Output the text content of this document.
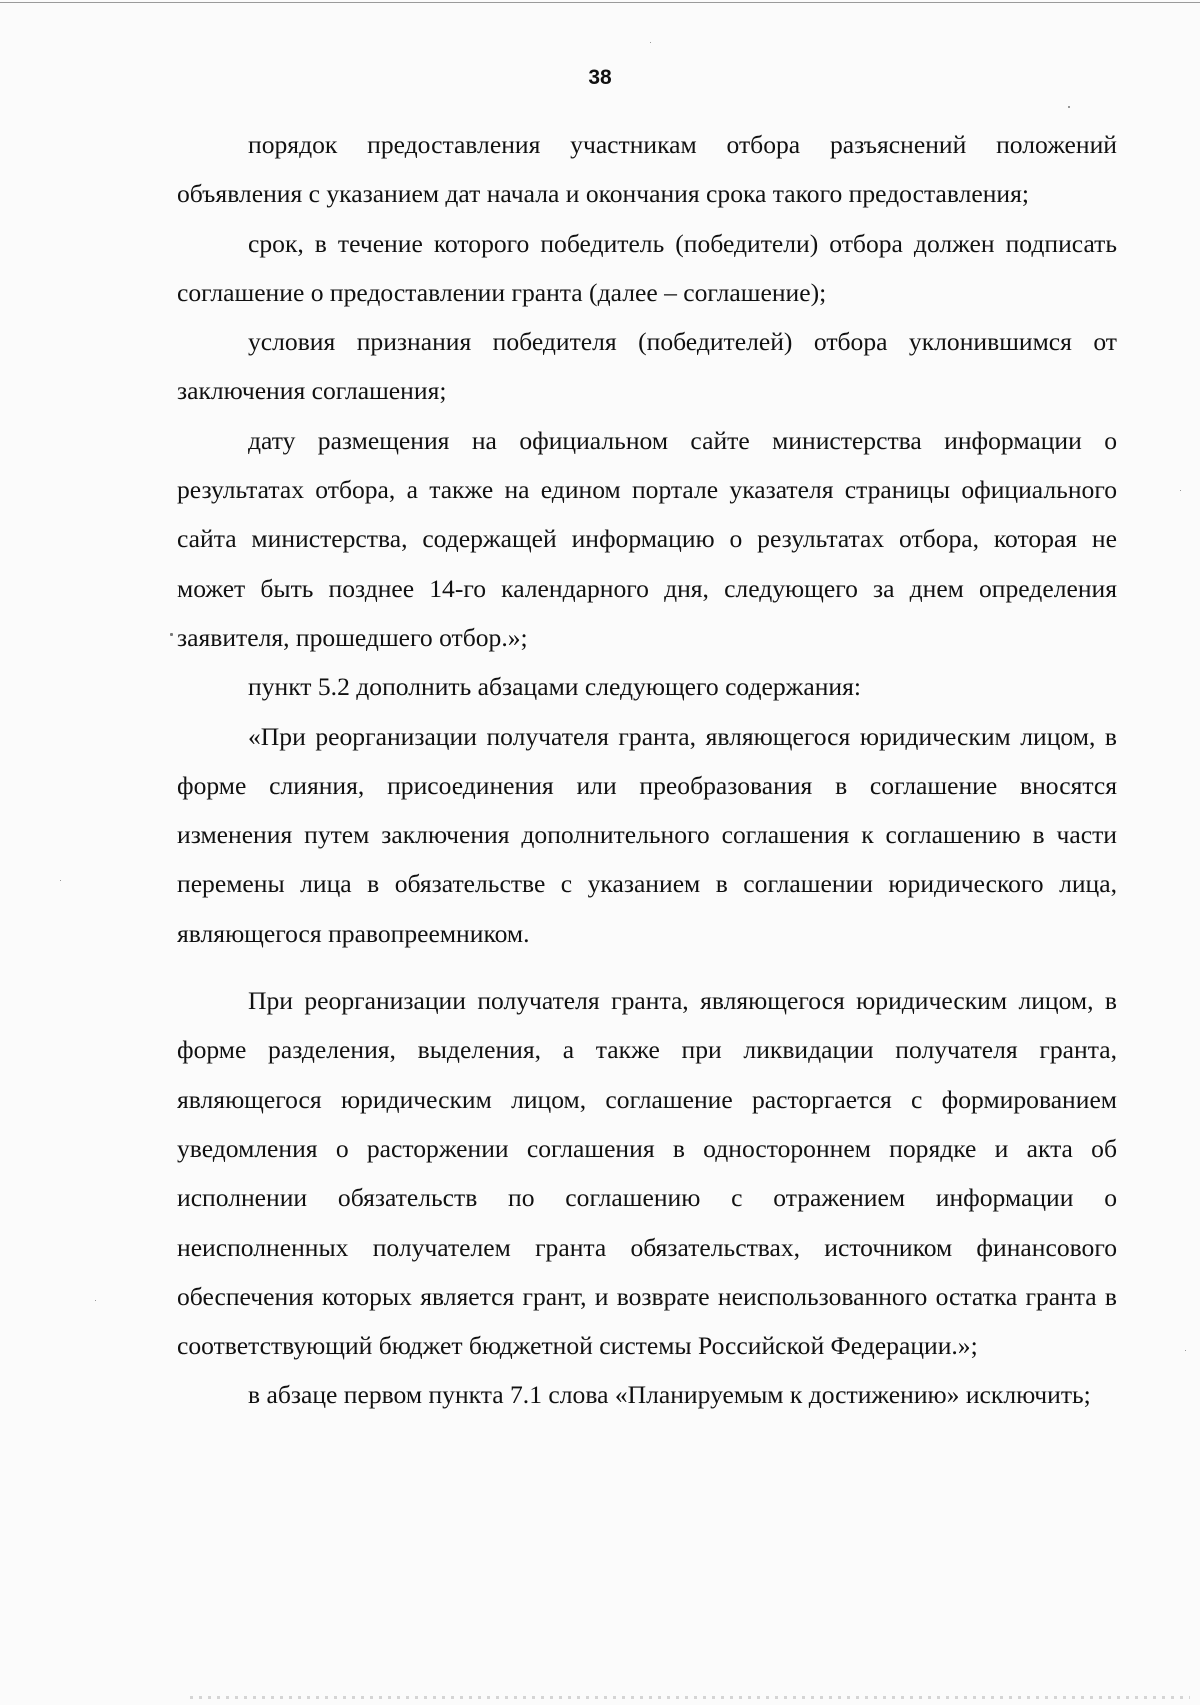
38

порядок предоставления участникам отбора разъяснений положений объявления с указанием дат начала и окончания срока такого предоставления;

срок, в течение которого победитель (победители) отбора должен подписать соглашение о предоставлении гранта (далее – соглашение);

условия признания победителя (победителей) отбора уклонившимся от заключения соглашения;

дату размещения на официальном сайте министерства информации о результатах отбора, а также на едином портале указателя страницы официального сайта министерства, содержащей информацию о результатах отбора, которая не может быть позднее 14-го календарного дня, следующего за днем определения заявителя, прошедшего отбор.»;

пункт 5.2 дополнить абзацами следующего содержания:

«При реорганизации получателя гранта, являющегося юридическим лицом, в форме слияния, присоединения или преобразования в соглашение вносятся изменения путем заключения дополнительного соглашения к соглашению в части перемены лица в обязательстве с указанием в соглашении юридического лица, являющегося правопреемником.

При реорганизации получателя гранта, являющегося юридическим лицом, в форме разделения, выделения, а также при ликвидации получателя гранта, являющегося юридическим лицом, соглашение расторгается с формированием уведомления о расторжении соглашения в одностороннем порядке и акта об исполнении обязательств по соглашению с отражением информации о неисполненных получателем гранта обязательствах, источником финансового обеспечения которых является грант, и возврате неиспользованного остатка гранта в соответствующий бюджет бюджетной системы Российской Федерации.»;

в абзаце первом пункта 7.1 слова «Планируемым к достижению» исключить;
